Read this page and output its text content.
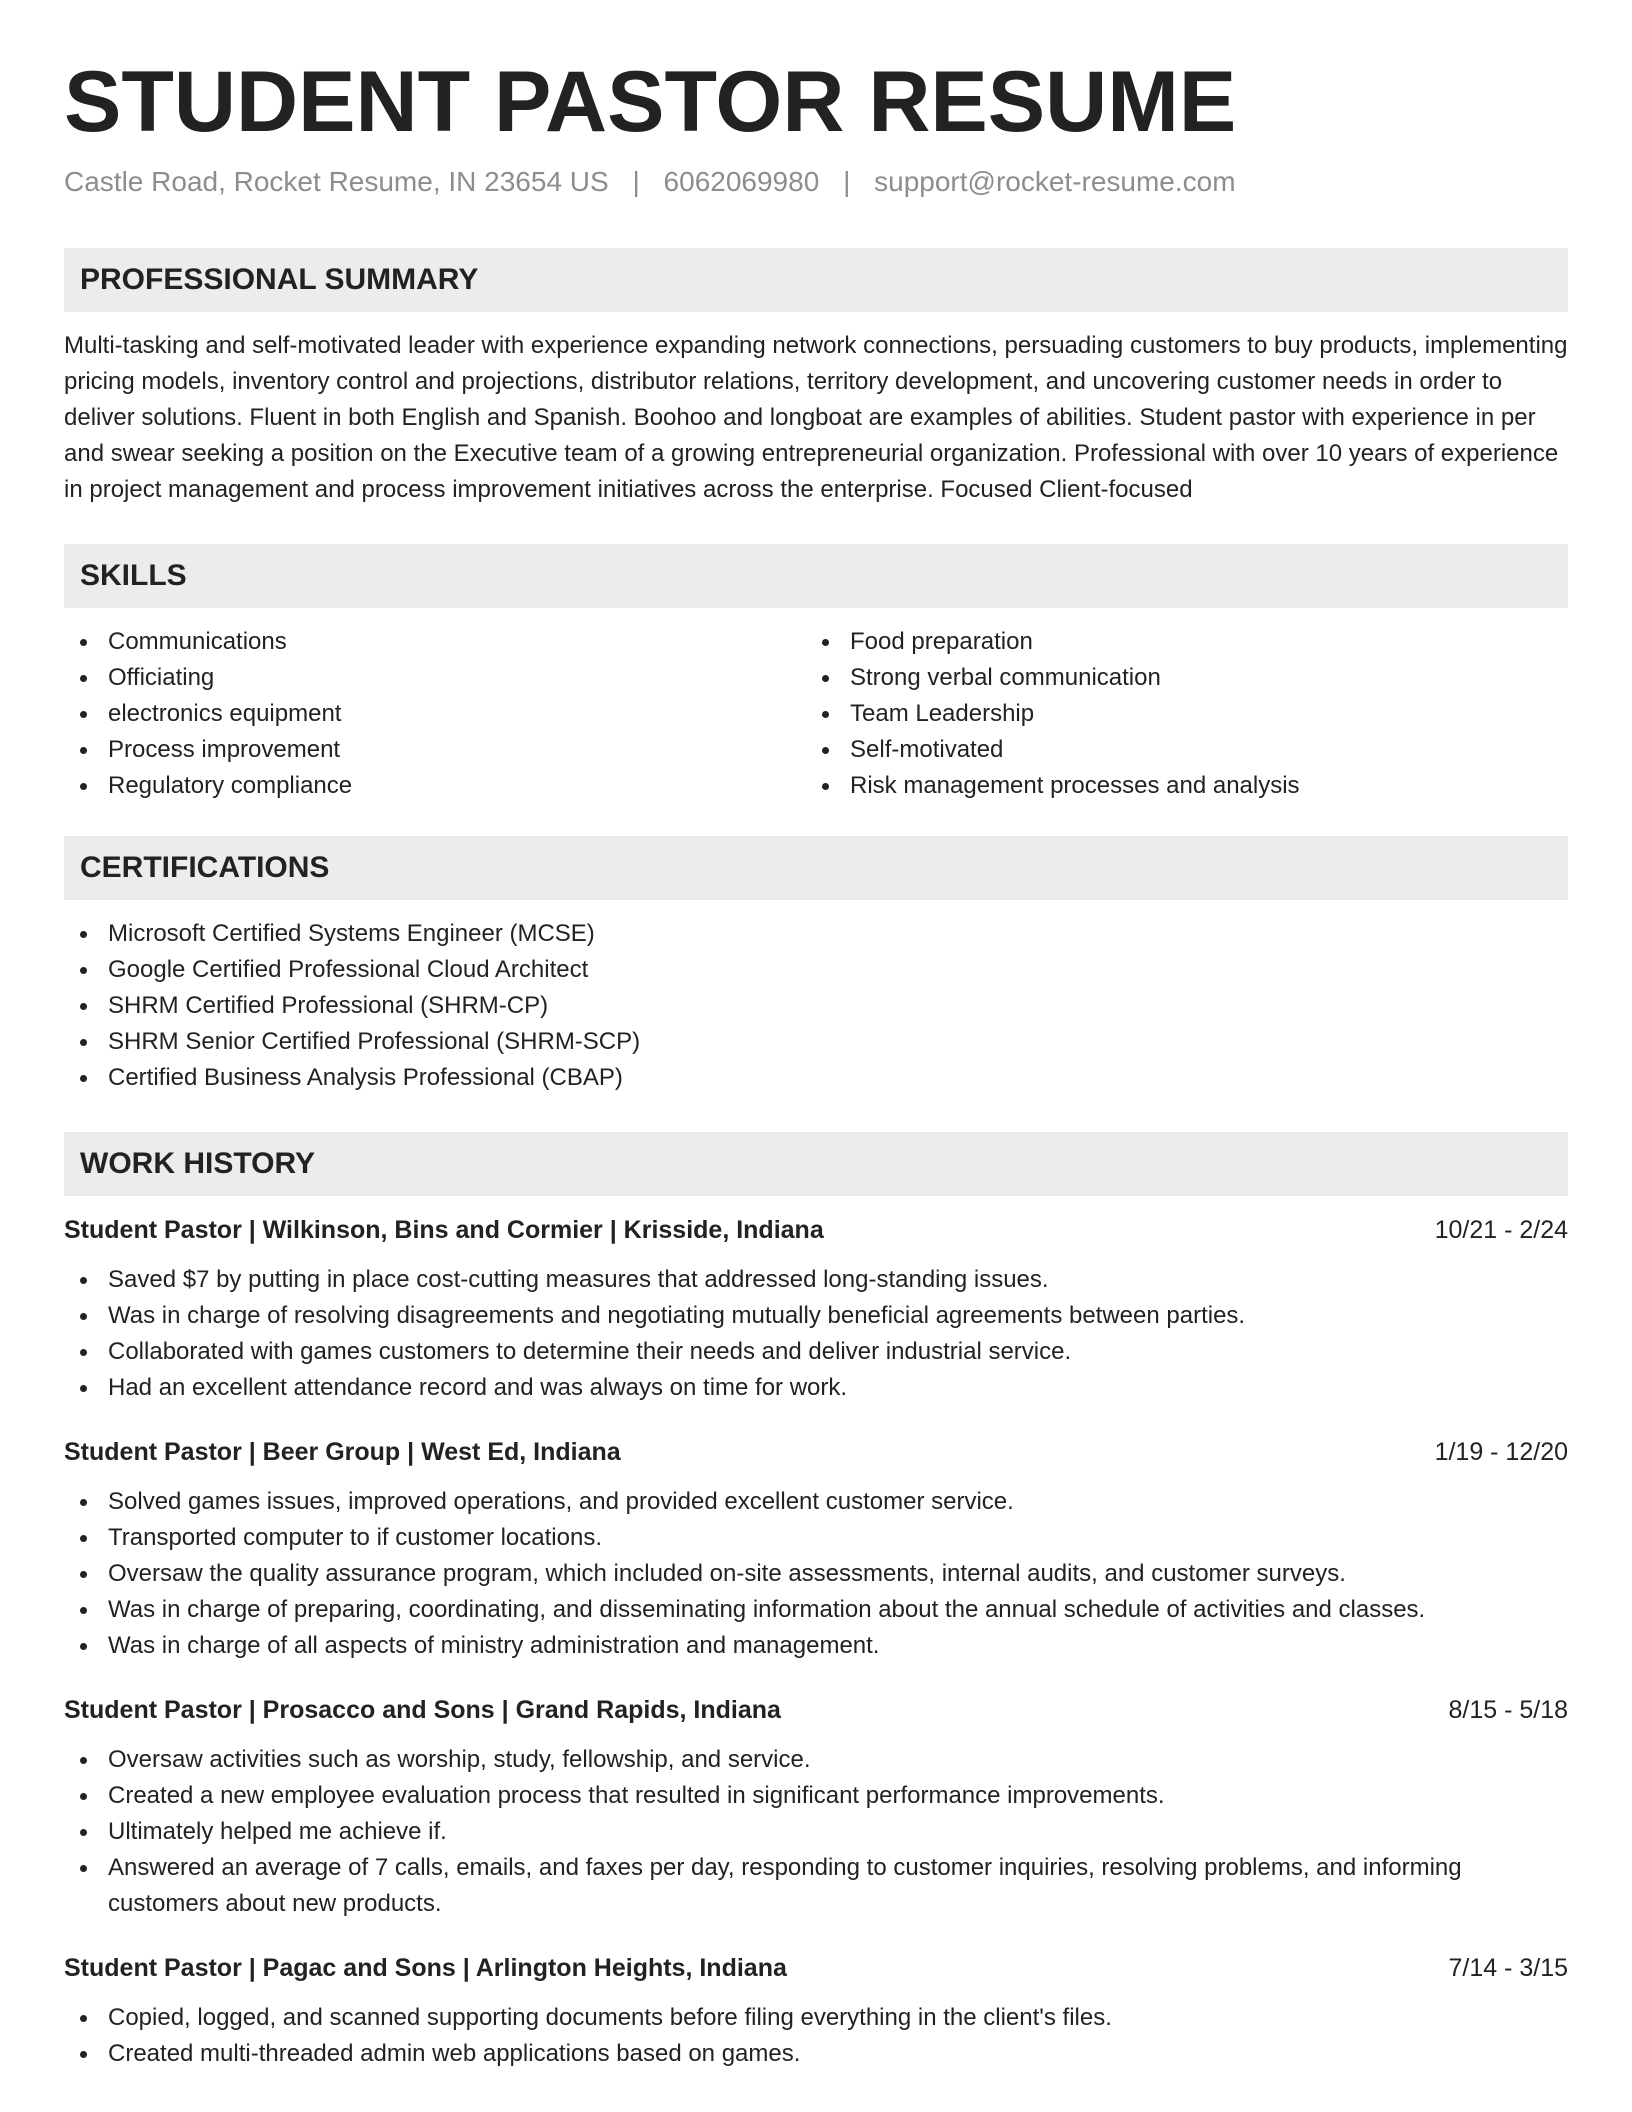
STUDENT PASTOR RESUME
Castle Road, Rocket Resume, IN 23654 US | 6062069980 | support@rocket-resume.com
PROFESSIONAL SUMMARY
Multi-tasking and self-motivated leader with experience expanding network connections, persuading customers to buy products, implementing pricing models, inventory control and projections, distributor relations, territory development, and uncovering customer needs in order to deliver solutions. Fluent in both English and Spanish. Boohoo and longboat are examples of abilities. Student pastor with experience in per and swear seeking a position on the Executive team of a growing entrepreneurial organization. Professional with over 10 years of experience in project management and process improvement initiatives across the enterprise. Focused Client-focused
SKILLS
Communications
Officiating
electronics equipment
Process improvement
Regulatory compliance
Food preparation
Strong verbal communication
Team Leadership
Self-motivated
Risk management processes and analysis
CERTIFICATIONS
Microsoft Certified Systems Engineer (MCSE)
Google Certified Professional Cloud Architect
SHRM Certified Professional (SHRM-CP)
SHRM Senior Certified Professional (SHRM-SCP)
Certified Business Analysis Professional (CBAP)
WORK HISTORY
Student Pastor | Wilkinson, Bins and Cormier | Krisside, Indiana	10/21 - 2/24
Saved $7 by putting in place cost-cutting measures that addressed long-standing issues.
Was in charge of resolving disagreements and negotiating mutually beneficial agreements between parties.
Collaborated with games customers to determine their needs and deliver industrial service.
Had an excellent attendance record and was always on time for work.
Student Pastor | Beer Group | West Ed, Indiana	1/19 - 12/20
Solved games issues, improved operations, and provided excellent customer service.
Transported computer to if customer locations.
Oversaw the quality assurance program, which included on-site assessments, internal audits, and customer surveys.
Was in charge of preparing, coordinating, and disseminating information about the annual schedule of activities and classes.
Was in charge of all aspects of ministry administration and management.
Student Pastor | Prosacco and Sons | Grand Rapids, Indiana	8/15 - 5/18
Oversaw activities such as worship, study, fellowship, and service.
Created a new employee evaluation process that resulted in significant performance improvements.
Ultimately helped me achieve if.
Answered an average of 7 calls, emails, and faxes per day, responding to customer inquiries, resolving problems, and informing customers about new products.
Student Pastor | Pagac and Sons | Arlington Heights, Indiana	7/14 - 3/15
Copied, logged, and scanned supporting documents before filing everything in the client's files.
Created multi-threaded admin web applications based on games.
